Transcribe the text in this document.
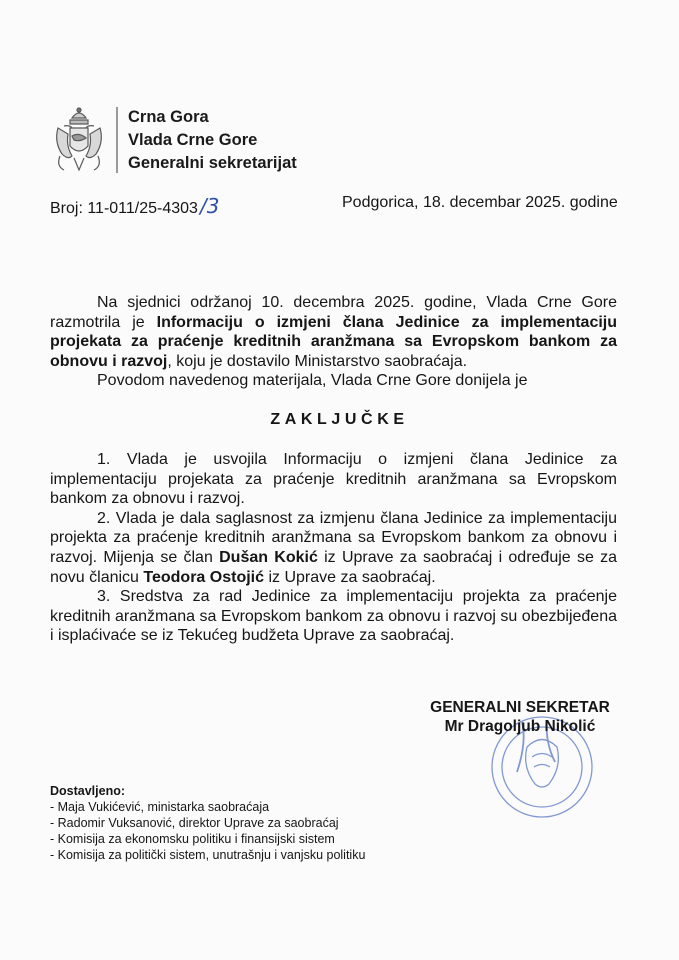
Crna Gora
Vlada Crne Gore
Generalni sekretarijat
Broj: 11-011/25-4303 /3	Podgorica, 18. decembar 2025. godine

Na sjednici održanoj 10. decembra 2025. godine, Vlada Crne Gore razmotrila je Informaciju o izmjeni člana Jedinice za implementaciju projekata za praćenje kreditnih aranžmana sa Evropskom bankom za obnovu i razvoj, koju je dostavilo Ministarstvo saobraćaja.

Povodom navedenog materijala, Vlada Crne Gore donijela je

ZAKLJUČKE

1. Vlada je usvojila Informaciju o izmjeni člana Jedinice za implementaciju projekata za praćenje kreditnih aranžmana sa Evropskom bankom za obnovu i razvoj.

2. Vlada je dala saglasnost za izmjenu člana Jedinice za implementaciju projekta za praćenje kreditnih aranžmana sa Evropskom bankom za obnovu i razvoj. Mijenja se član Dušan Kokić iz Uprave za saobraćaj i određuje se za novu članicu Teodora Ostojić iz Uprave za saobraćaj.

3. Sredstva za rad Jedinice za implementaciju projekta za praćenje kreditnih aranžmana sa Evropskom bankom za obnovu i razvoj su obezbijeđena i isplaćivaće se iz Tekućeg budžeta Uprave za saobraćaj.

GENERALNI SEKRETAR
Mr Dragoljub Nikolić
Dostavljeno:
- Maja Vukićević, ministarka saobraćaja
- Radomir Vuksanović, direktor Uprave za saobraćaj
- Komisija za ekonomsku politiku i finansijski sistem
- Komisija za politički sistem, unutrašnju i vanjsku politiku
